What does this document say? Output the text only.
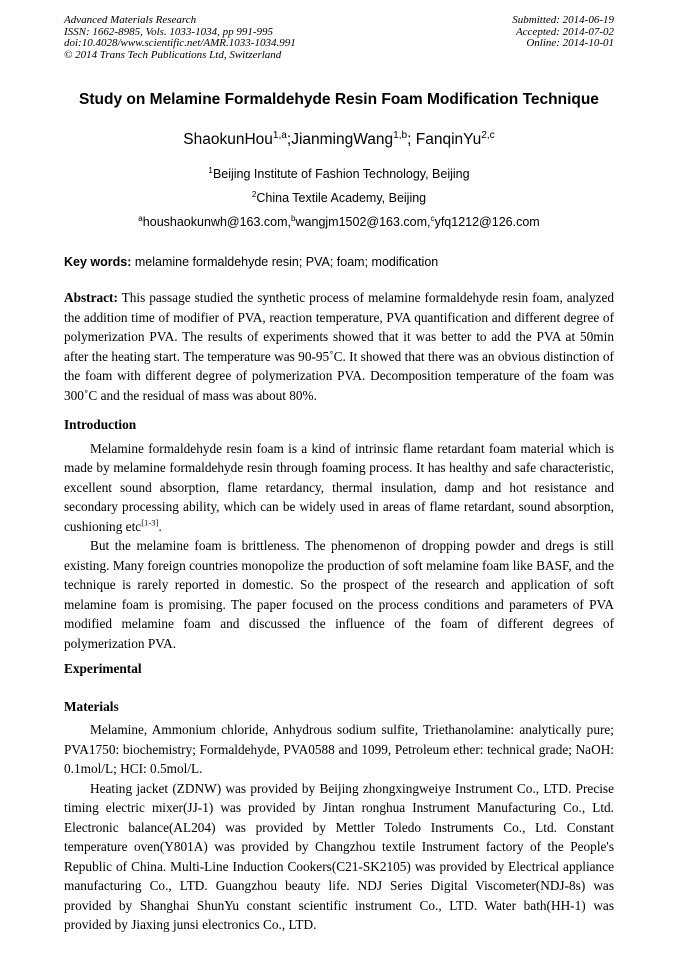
Advanced Materials Research
ISSN: 1662-8985, Vols. 1033-1034, pp 991-995
doi:10.4028/www.scientific.net/AMR.1033-1034.991
© 2014 Trans Tech Publications Ltd, Switzerland
Submitted: 2014-06-19
Accepted: 2014-07-02
Online: 2014-10-01
Study on Melamine Formaldehyde Resin Foam Modification Technique
ShaokunHou$^{1,a}$;JianmingWang$^{1,b}$; FanqinYu$^{2,c}$
$^1$Beijing Institute of Fashion Technology, Beijing
$^2$China Textile Academy, Beijing
$^a$houshaokunwh@163.com,$^b$wangjm1502@163.com,$^c$yfq1212@126.com
Key words: melamine formaldehyde resin; PVA; foam; modification

Abstract: This passage studied the synthetic process of melamine formaldehyde resin foam, analyzed the addition time of modifier of PVA, reaction temperature, PVA quantification and different degree of polymerization PVA. The results of experiments showed that it was better to add the PVA at 50min after the heating start. The temperature was 90-95˚C. It showed that there was an obvious distinction of the foam with different degree of polymerization PVA. Decomposition temperature of the foam was 300˚C and the residual of mass was about 80%.

Introduction

Melamine formaldehyde resin foam is a kind of intrinsic flame retardant foam material which is made by melamine formaldehyde resin through foaming process. It has healthy and safe characteristic, excellent sound absorption, flame retardancy, thermal insulation, damp and hot resistance and secondary processing ability, which can be widely used in areas of flame retardant, sound absorption, cushioning etc[1-3].

But the melamine foam is brittleness. The phenomenon of dropping powder and dregs is still existing. Many foreign countries monopolize the production of soft melamine foam like BASF, and the technique is rarely reported in domestic. So the prospect of the research and application of soft melamine foam is promising. The paper focused on the process conditions and parameters of PVA modified melamine foam and discussed the influence of the foam of different degrees of polymerization PVA.

Experimental
Materials

Melamine, Ammonium chloride, Anhydrous sodium sulfite, Triethanolamine: analytically pure; PVA1750: biochemistry; Formaldehyde, PVA0588 and 1099, Petroleum ether: technical grade; NaOH: 0.1mol/L; HCI: 0.5mol/L.

Heating jacket (ZDNW) was provided by Beijing zhongxingweiye Instrument Co., LTD. Precise timing electric mixer(JJ-1) was provided by Jintan ronghua Instrument Manufacturing Co., Ltd. Electronic balance(AL204) was provided by Mettler Toledo Instruments Co., Ltd. Constant temperature oven(Y801A) was provided by Changzhou textile Instrument factory of the People's Republic of China. Multi-Line Induction Cookers(C21-SK2105) was provided by Electrical appliance manufacturing Co., LTD. Guangzhou beauty life. NDJ Series Digital Viscometer(NDJ-8s) was provided by Shanghai ShunYu constant scientific instrument Co., LTD. Water bath(HH-1) was provided by Jiaxing junsi electronics Co., LTD.
